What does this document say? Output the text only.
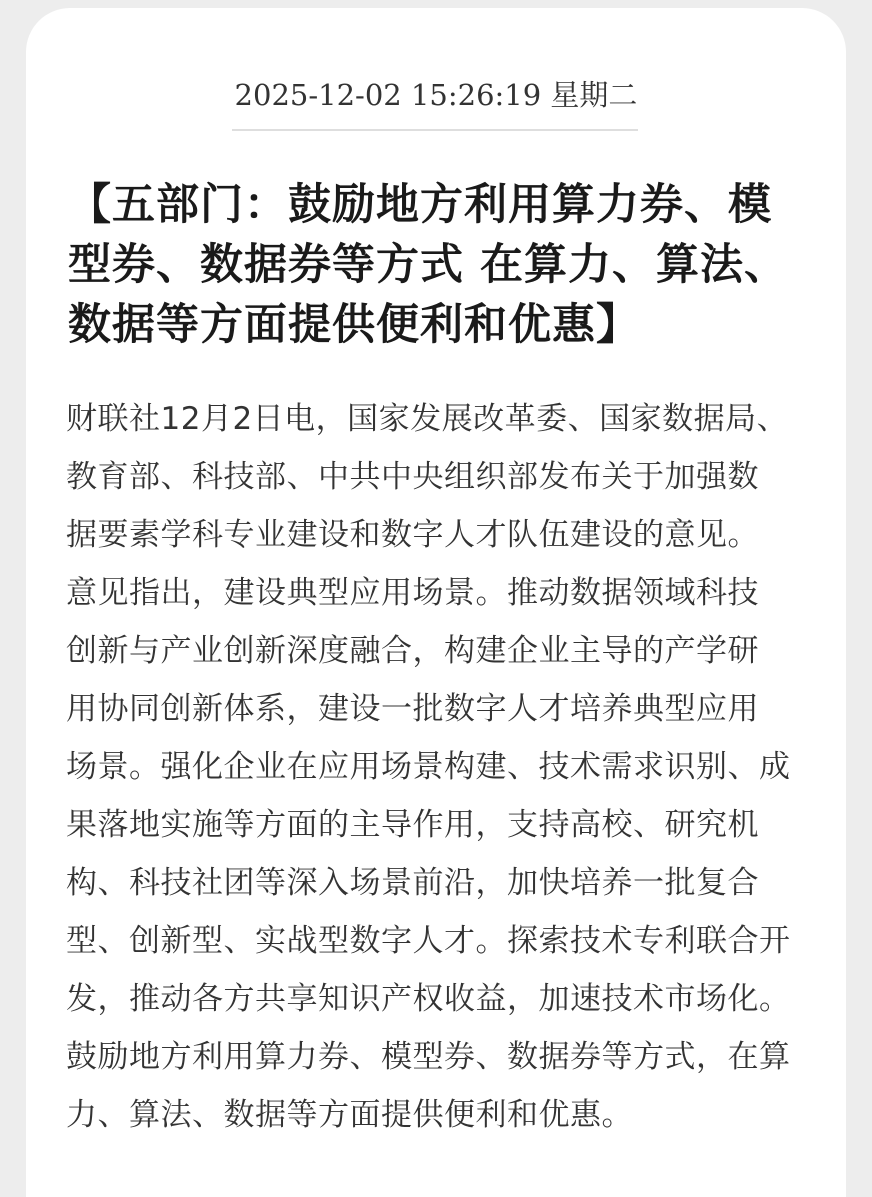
2025-12-02 15:26:19 星期二
【五部门：鼓励地方利用算力券、模
型券、数据券等方式 在算力、算法、
数据等方面提供便利和优惠】
财联社12月2日电，国家发展改革委、国家数据局、
教育部、科技部、中共中央组织部发布关于加强数
据要素学科专业建设和数字人才队伍建设的意见。
意见指出，建设典型应用场景。推动数据领域科技
创新与产业创新深度融合，构建企业主导的产学研
用协同创新体系，建设一批数字人才培养典型应用
场景。强化企业在应用场景构建、技术需求识别、成
果落地实施等方面的主导作用，支持高校、研究机
构、科技社团等深入场景前沿，加快培养一批复合
型、创新型、实战型数字人才。探索技术专利联合开
发，推动各方共享知识产权收益，加速技术市场化。
鼓励地方利用算力券、模型券、数据券等方式，在算
力、算法、数据等方面提供便利和优惠。
